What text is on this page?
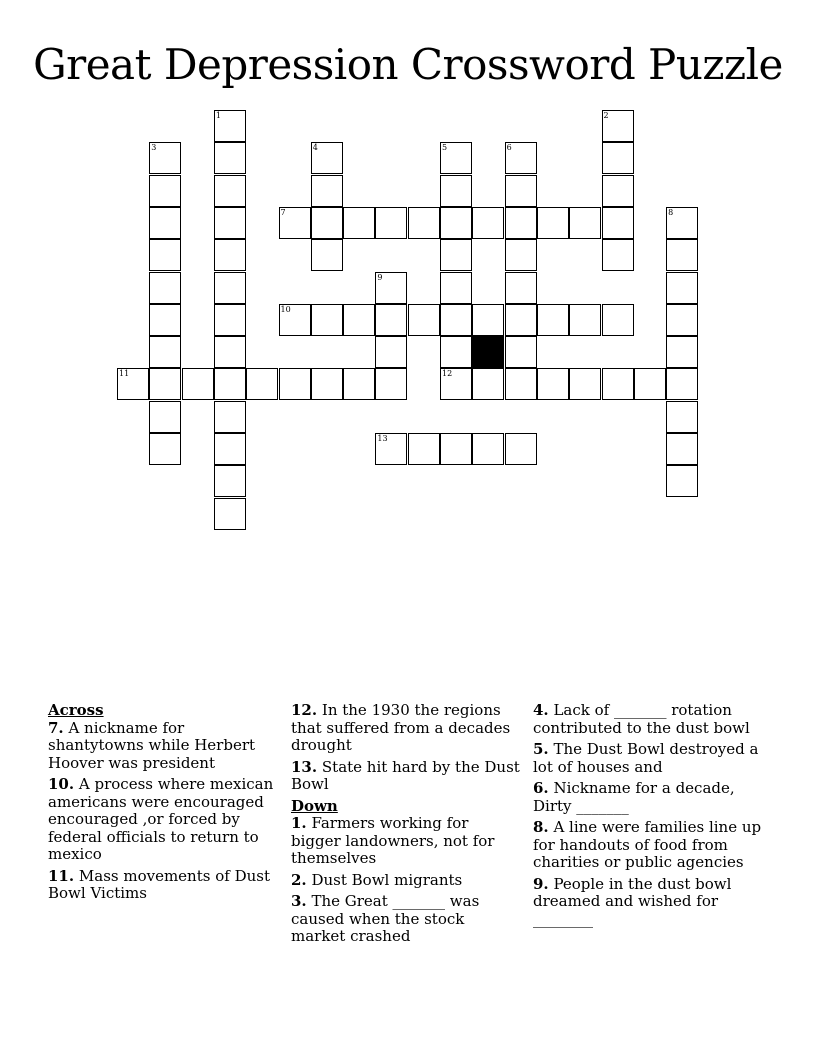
Great Depression Crossword Puzzle
1	2
3	4	5
12
6
7	8
9
10
11
13
Across

7. A nickname for shantytowns while Herbert Hoover was president

10. A process where mexican americans were encouraged encouraged ,or forced by federal officials to return to mexico

11. Mass movements of Dust Bowl Victims

12. In the 1930 the regions that suffered from a decades drought

13. State hit hard by the Dust Bowl

Down

1. Farmers working for bigger landowners, not for themselves

2. Dust Bowl migrants

3. The Great _______ was caused when the stock market crashed

4. Lack of _______ rotation contributed to the dust bowl

5. The Dust Bowl destroyed a lot of houses and

6. Nickname for a decade, Dirty _______

8. A line were families line up for handouts of food from charities or public agencies

9. People in the dust bowl dreamed and wished for ________
